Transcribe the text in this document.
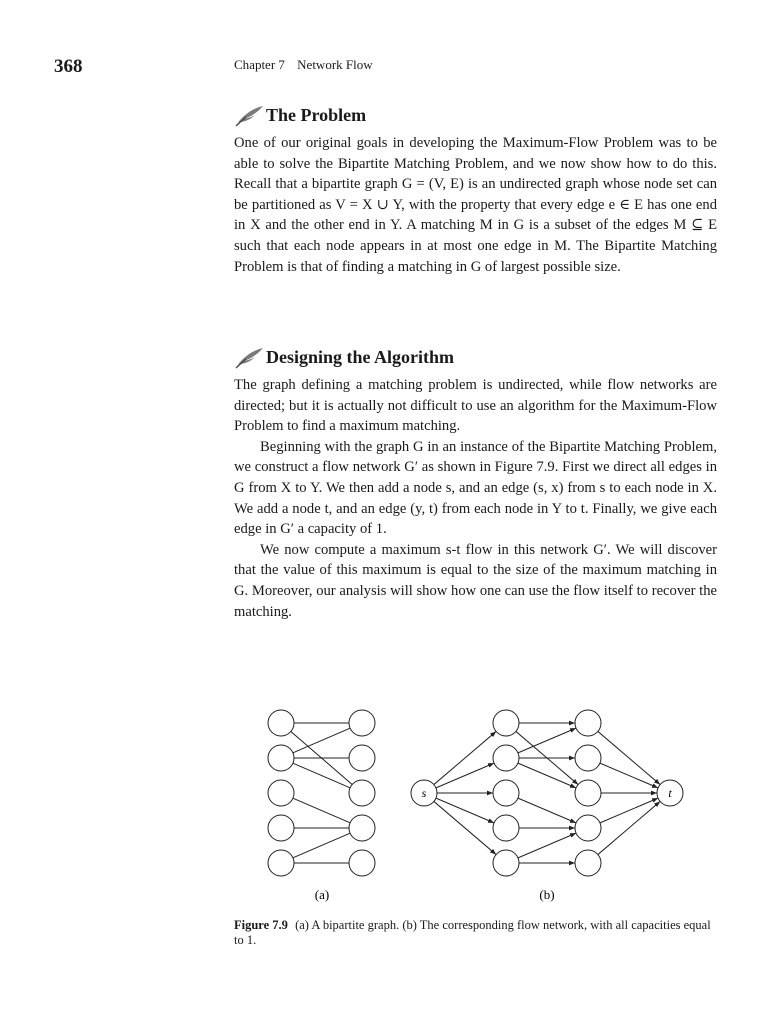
368	Chapter 7 Network Flow
The Problem

One of our original goals in developing the Maximum-Flow Problem was to be able to solve the Bipartite Matching Problem, and we now show how to do this. Recall that a bipartite graph G = (V, E) is an undirected graph whose node set can be partitioned as V = X ∪ Y, with the property that every edge e ∈ E has one end in X and the other end in Y. A matching M in G is a subset of the edges M ⊆ E such that each node appears in at most one edge in M. The Bipartite Matching Problem is that of finding a matching in G of largest possible size.

Designing the Algorithm

The graph defining a matching problem is undirected, while flow networks are directed; but it is actually not difficult to use an algorithm for the Maximum-Flow Problem to find a maximum matching.

Beginning with the graph G in an instance of the Bipartite Matching Problem, we construct a flow network G′ as shown in Figure 7.9. First we direct all edges in G from X to Y. We then add a node s, and an edge (s, x) from s to each node in X. We add a node t, and an edge (y, t) from each node in Y to t. Finally, we give each edge in G′ a capacity of 1.

We now compute a maximum s-t flow in this network G′. We will discover that the value of this maximum is equal to the size of the maximum matching in G. Moreover, our analysis will show how one can use the flow itself to recover the matching.

s	t
(a)	(b)
Figure 7.9 (a) A bipartite graph. (b) The corresponding flow network, with all capacities equal to 1.
